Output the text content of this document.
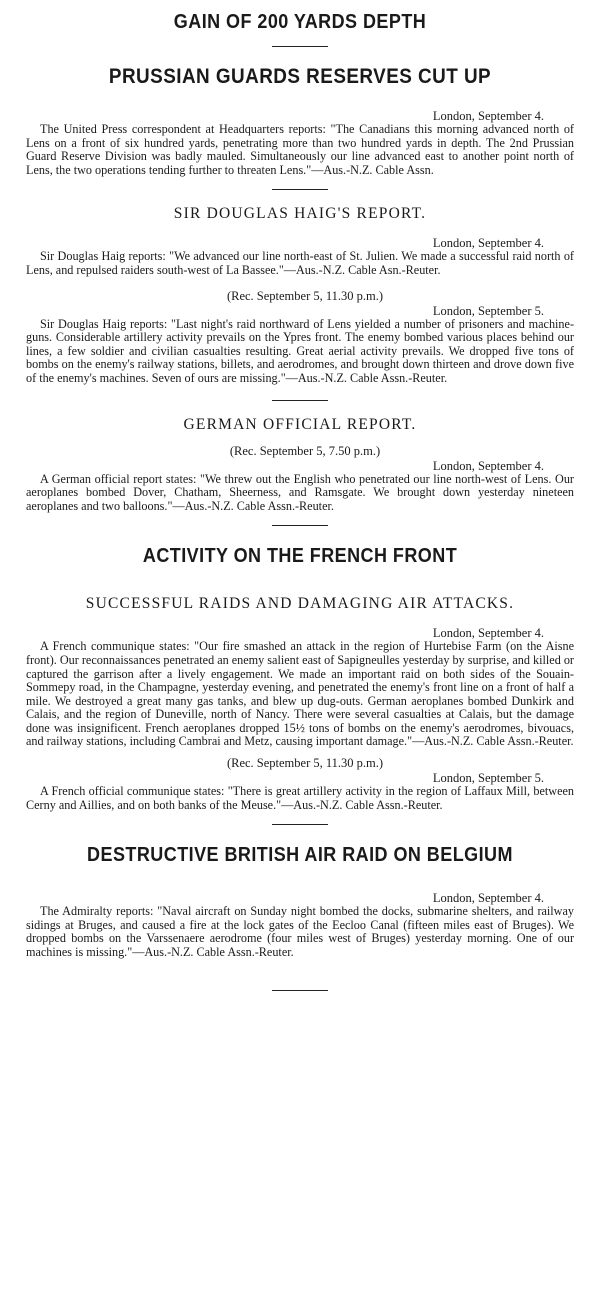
GAIN OF 200 YARDS DEPTH
PRUSSIAN GUARDS RESERVES CUT UP
London, September 4.
The United Press correspondent at Headquarters reports: "The Canadians this morning advanced north of Lens on a front of six hundred yards, penetrating more than two hundred yards in depth. The 2nd Prussian Guard Reserve Division was badly mauled. Simultaneously our line advanced east to another point north of Lens, the two operations tending further to threaten Lens."—Aus.-N.Z. Cable Assn.
SIR DOUGLAS HAIG'S REPORT.
London, September 4.
Sir Douglas Haig reports: "We advanced our line north-east of St. Julien. We made a successful raid north of Lens, and repulsed raiders south-west of La Bassee."—Aus.-N.Z. Cable Asn.-Reuter.
(Rec. September 5, 11.30 p.m.)
London, September 5.
Sir Douglas Haig reports: "Last night's raid northward of Lens yielded a number of prisoners and machine-guns. Considerable artillery activity prevails on the Ypres front. The enemy bombed various places behind our lines, a few soldier and civilian casualties resulting. Great aerial activity prevails. We dropped five tons of bombs on the enemy's railway stations, billets, and aerodromes, and brought down thirteen and drove down five of the enemy's machines. Seven of ours are missing."—Aus.-N.Z. Cable Assn.-Reuter.
GERMAN OFFICIAL REPORT.
(Rec. September 5, 7.50 p.m.)
London, September 4.
A German official report states: "We threw out the English who penetrated our line north-west of Lens. Our aeroplanes bombed Dover, Chatham, Sheerness, and Ramsgate. We brought down yesterday nineteen aeroplanes and two balloons."—Aus.-N.Z. Cable Assn.-Reuter.
ACTIVITY ON THE FRENCH FRONT
SUCCESSFUL RAIDS AND DAMAGING AIR ATTACKS.
London, September 4.
A French communique states: "Our fire smashed an attack in the region of Hurtebise Farm (on the Aisne front). Our reconnaissances penetrated an enemy salient east of Sapigneulles yesterday by surprise, and killed or captured the garrison after a lively engagement. We made an important raid on both sides of the Souain-Sommepy road, in the Champagne, yesterday evening, and penetrated the enemy's front line on a front of half a mile. We destroyed a great many gas tanks, and blew up dug-outs. German aeroplanes bombed Dunkirk and Calais, and the region of Duneville, north of Nancy. There were several casualties at Calais, but the damage done was insignificent. French aeroplanes dropped 15½ tons of bombs on the enemy's aerodromes, bivouacs, and railway stations, including Cambrai and Metz, causing important damage."—Aus.-N.Z. Cable Assn.-Reuter.
(Rec. September 5, 11.30 p.m.)
London, September 5.
A French official communique states: "There is great artillery activity in the region of Laffaux Mill, between Cerny and Aillies, and on both banks of the Meuse."—Aus.-N.Z. Cable Assn.-Reuter.
DESTRUCTIVE BRITISH AIR RAID ON BELGIUM
London, September 4.
The Admiralty reports: "Naval aircraft on Sunday night bombed the docks, submarine shelters, and railway sidings at Bruges, and caused a fire at the lock gates of the Eecloo Canal (fifteen miles east of Bruges). We dropped bombs on the Varssenaere aerodrome (four miles west of Bruges) yesterday morning. One of our machines is missing."—Aus.-N.Z. Cable Assn.-Reuter.
